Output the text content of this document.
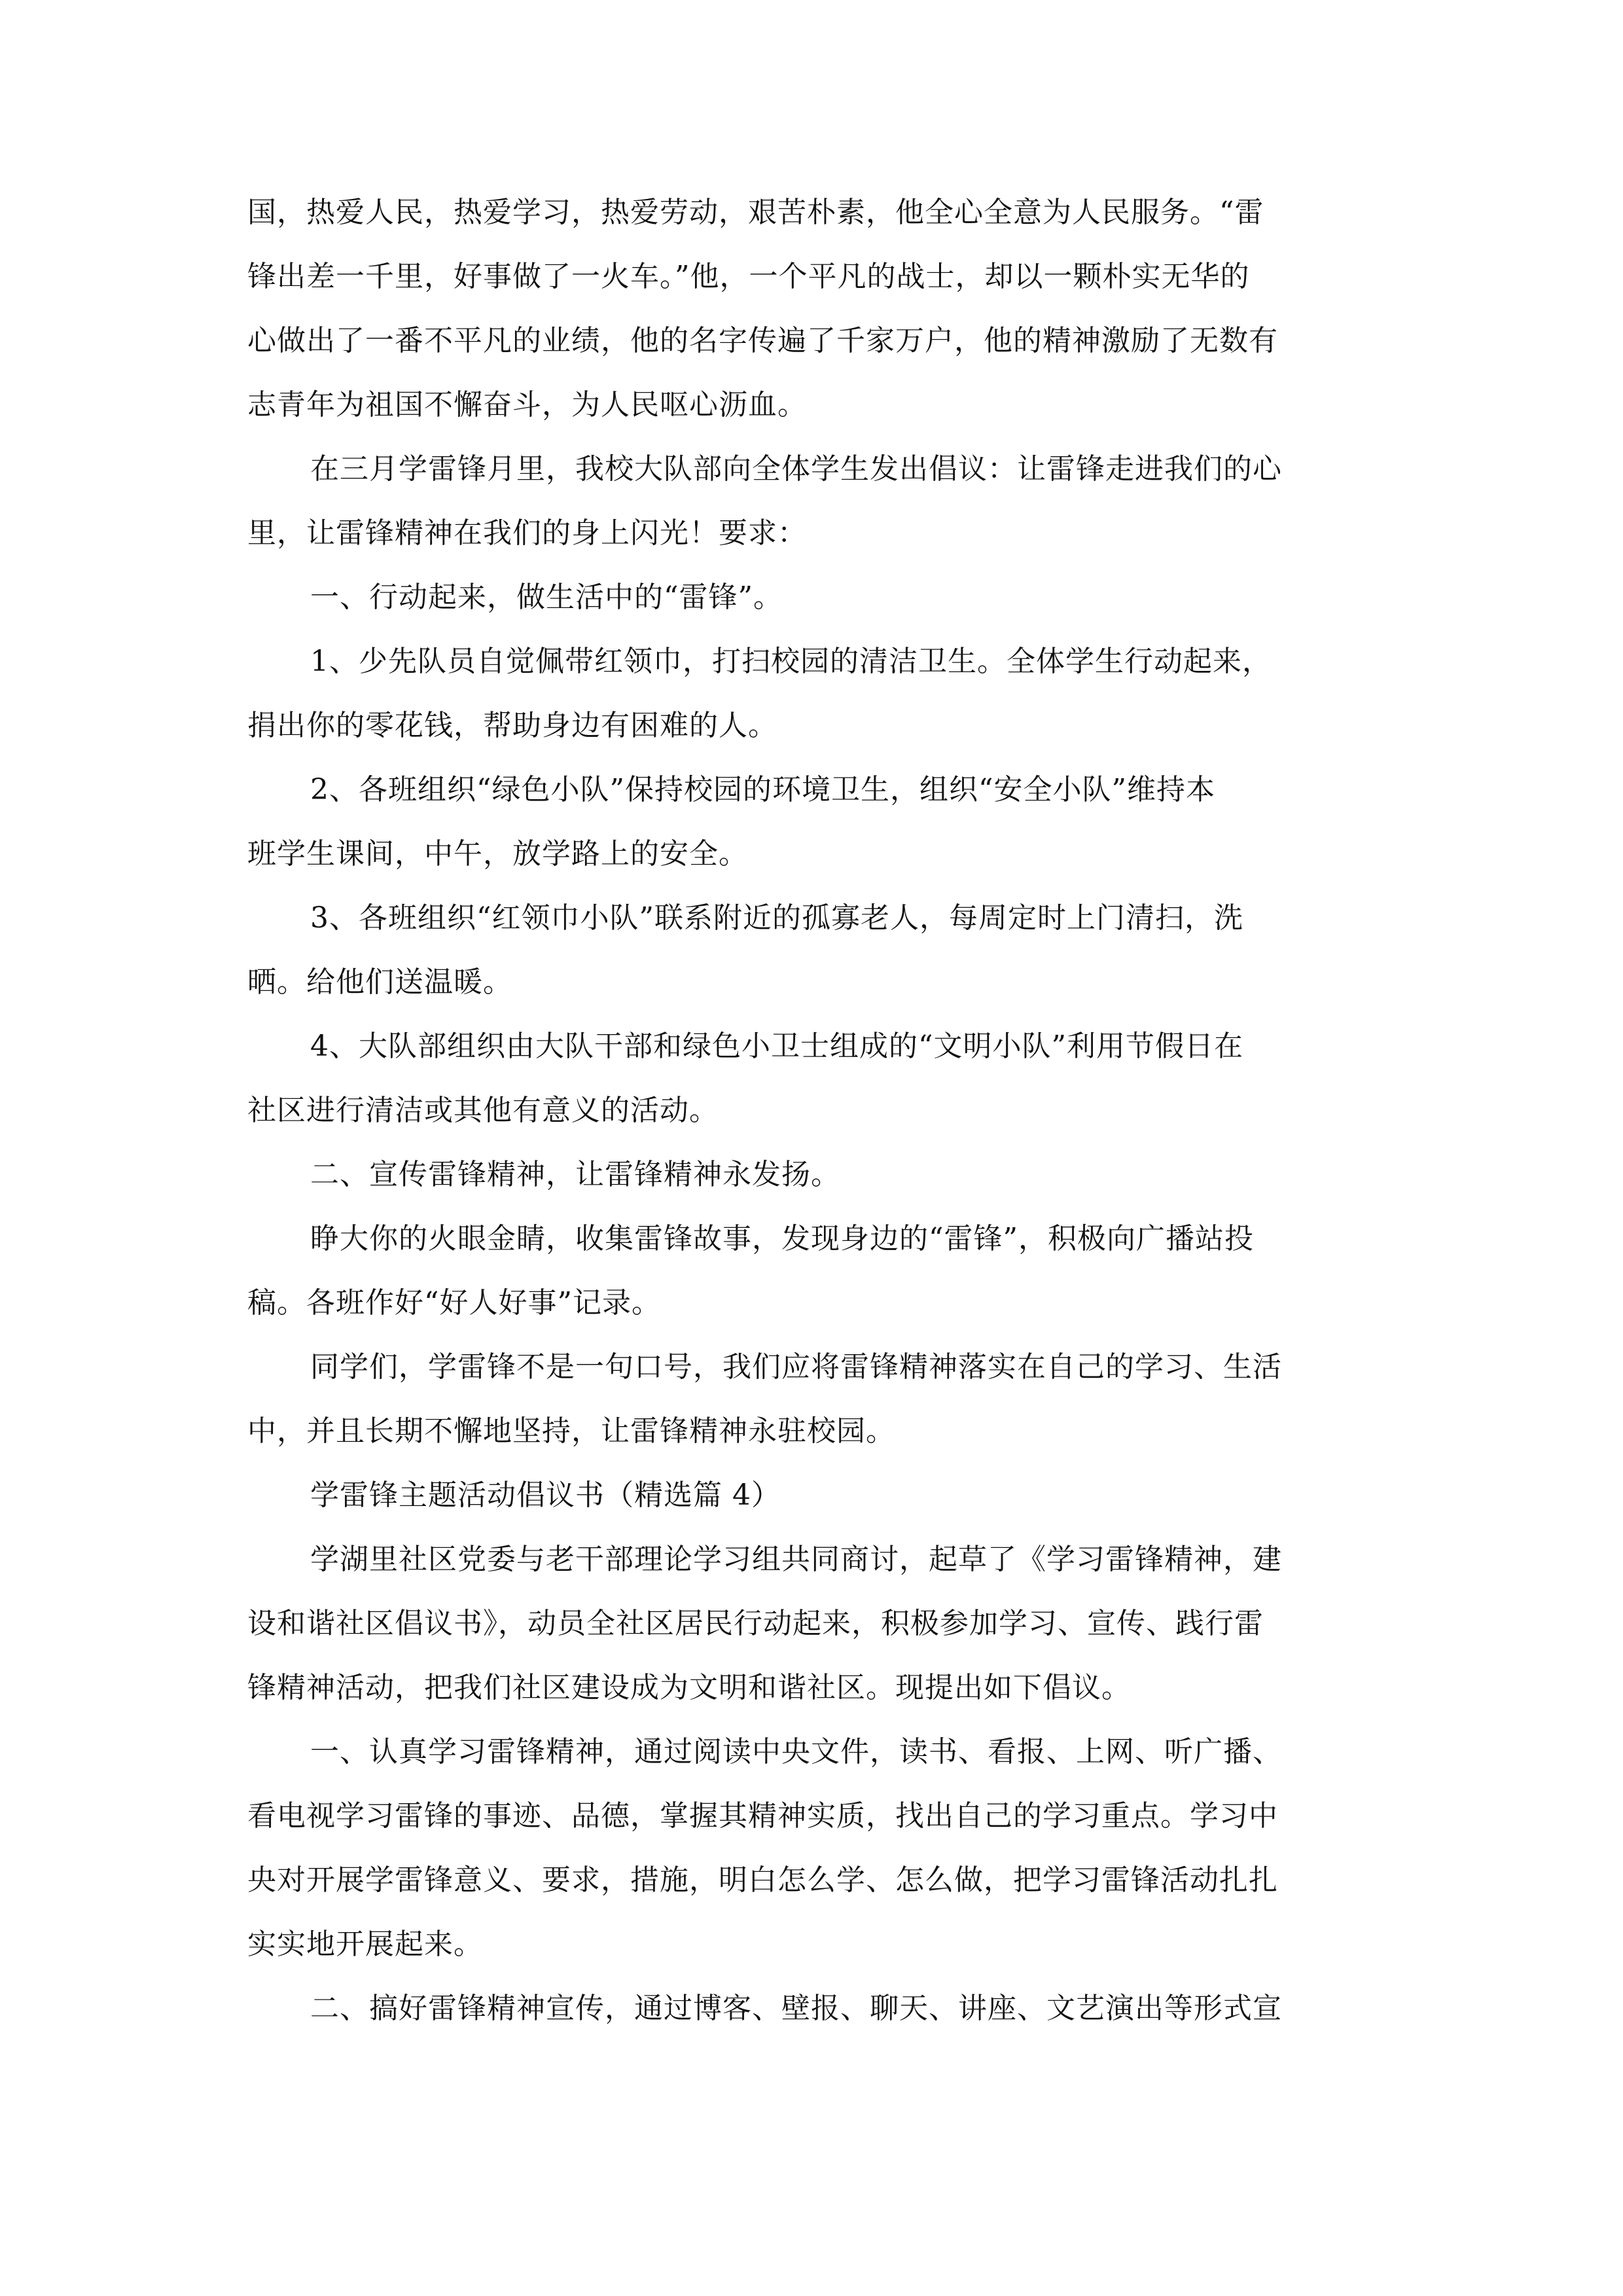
国，热爱人民，热爱学习，热爱劳动，艰苦朴素，他全心全意为人民服务。“雷
锋出差一千里，好事做了一火车。”他，一个平凡的战士，却以一颗朴实无华的
心做出了一番不平凡的业绩，他的名字传遍了千家万户，他的精神激励了无数有
志青年为祖国不懈奋斗，为人民呕心沥血。
在三月学雷锋月里，我校大队部向全体学生发出倡议：让雷锋走进我们的心
里，让雷锋精神在我们的身上闪光！要求：
一、行动起来，做生活中的“雷锋”。
1、少先队员自觉佩带红领巾，打扫校园的清洁卫生。全体学生行动起来，
捐出你的零花钱，帮助身边有困难的人。
2、各班组织“绿色小队”保持校园的环境卫生，组织“安全小队”维持本
班学生课间，中午，放学路上的安全。
3、各班组织“红领巾小队”联系附近的孤寡老人，每周定时上门清扫，洗
晒。给他们送温暖。
4、大队部组织由大队干部和绿色小卫士组成的“文明小队”利用节假日在
社区进行清洁或其他有意义的活动。
二、宣传雷锋精神，让雷锋精神永发扬。
睁大你的火眼金睛，收集雷锋故事，发现身边的“雷锋”，积极向广播站投
稿。各班作好“好人好事”记录。
同学们，学雷锋不是一句口号，我们应将雷锋精神落实在自己的学习、生活
中，并且长期不懈地坚持，让雷锋精神永驻校园。
学雷锋主题活动倡议书（精选篇 4）
学湖里社区党委与老干部理论学习组共同商讨，起草了《学习雷锋精神，建
设和谐社区倡议书》，动员全社区居民行动起来，积极参加学习、宣传、践行雷
锋精神活动，把我们社区建设成为文明和谐社区。现提出如下倡议。
一、认真学习雷锋精神，通过阅读中央文件，读书、看报、上网、听广播、
看电视学习雷锋的事迹、品德，掌握其精神实质，找出自己的学习重点。学习中
央对开展学雷锋意义、要求，措施，明白怎么学、怎么做，把学习雷锋活动扎扎
实实地开展起来。
二、搞好雷锋精神宣传，通过博客、壁报、聊天、讲座、文艺演出等形式宣
